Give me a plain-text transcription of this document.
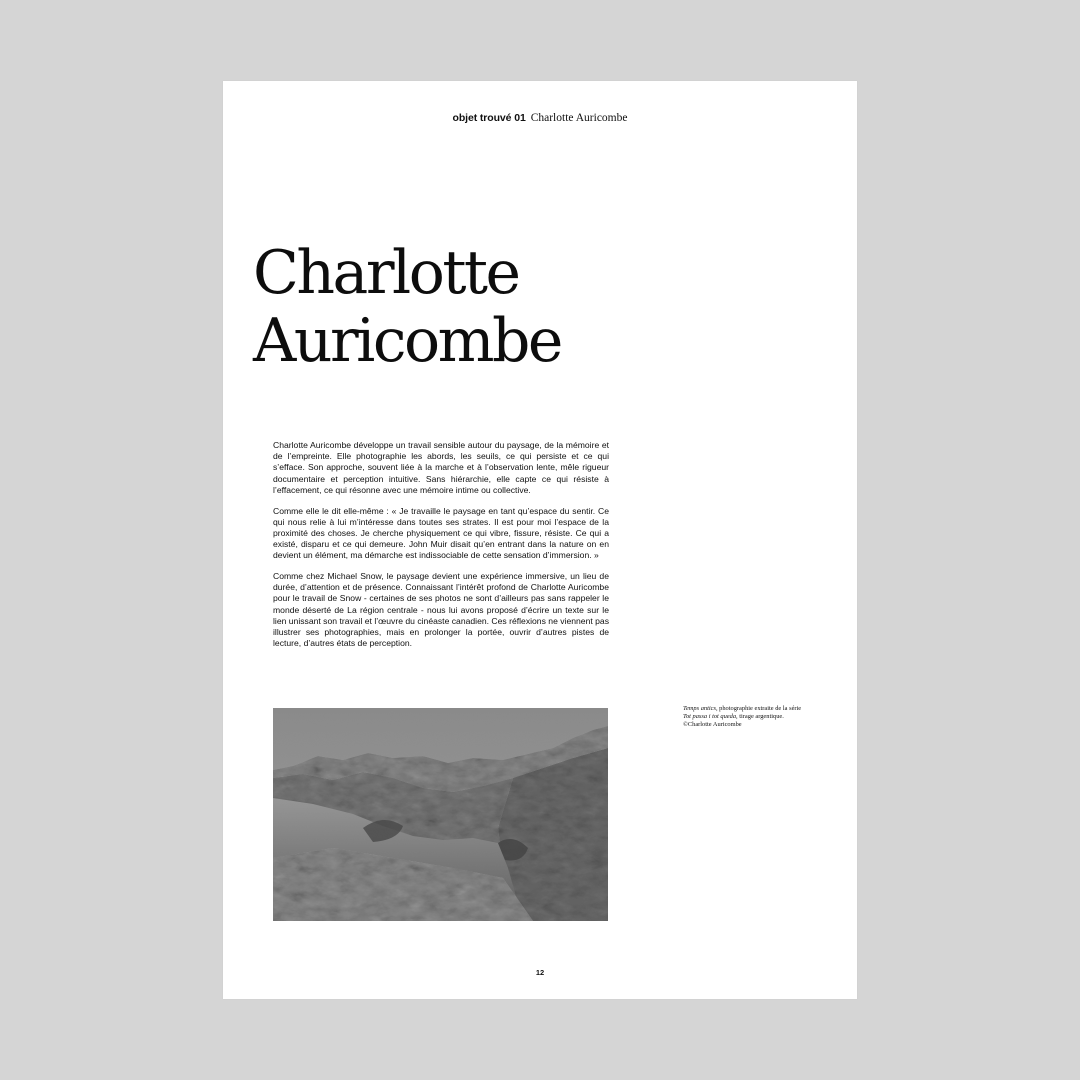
objet trouvé 01 Charlotte Auricombe
Charlotte
Auricombe

Charlotte Auricombe développe un travail sensible autour du paysage, de la mémoire et de l’empreinte. Elle photographie les abords, les seuils, ce qui persiste et ce qui s’efface. Son approche, souvent liée à la marche et à l’observation lente, mêle rigueur documentaire et perception intuitive. Sans hiérarchie, elle capte ce qui résiste à l’effacement, ce qui résonne avec une mémoire intime ou collective.

Comme elle le dit elle-même : « Je travaille le paysage en tant qu’espace du sentir. Ce qui nous relie à lui m’intéresse dans toutes ses strates. Il est pour moi l’espace de la proximité des choses. Je cherche physiquement ce qui vibre, fissure, résiste. Ce qui a existé, disparu et ce qui demeure. John Muir disait qu’en entrant dans la nature on en devient un élément, ma démarche est indissociable de cette sensation d’immersion. »

Comme chez Michael Snow, le paysage devient une expérience immersive, un lieu de durée, d’attention et de présence. Connaissant l’intérêt profond de Charlotte Auricombe pour le travail de Snow - certaines de ses photos ne sont d’ailleurs pas sans rappeler le monde déserté de La région centrale - nous lui avons proposé d’écrire un texte sur le lien unissant son travail et l’œuvre du cinéaste canadien. Ces réflexions ne viennent pas illustrer ses photographies, mais en prolonger la portée, ouvrir d’autres pistes de lecture, d’autres états de perception.

Temps antics, photographie extraite de la série
Tot passa i tot queda, tirage argentique.
©Charlotte Auricombe
12
